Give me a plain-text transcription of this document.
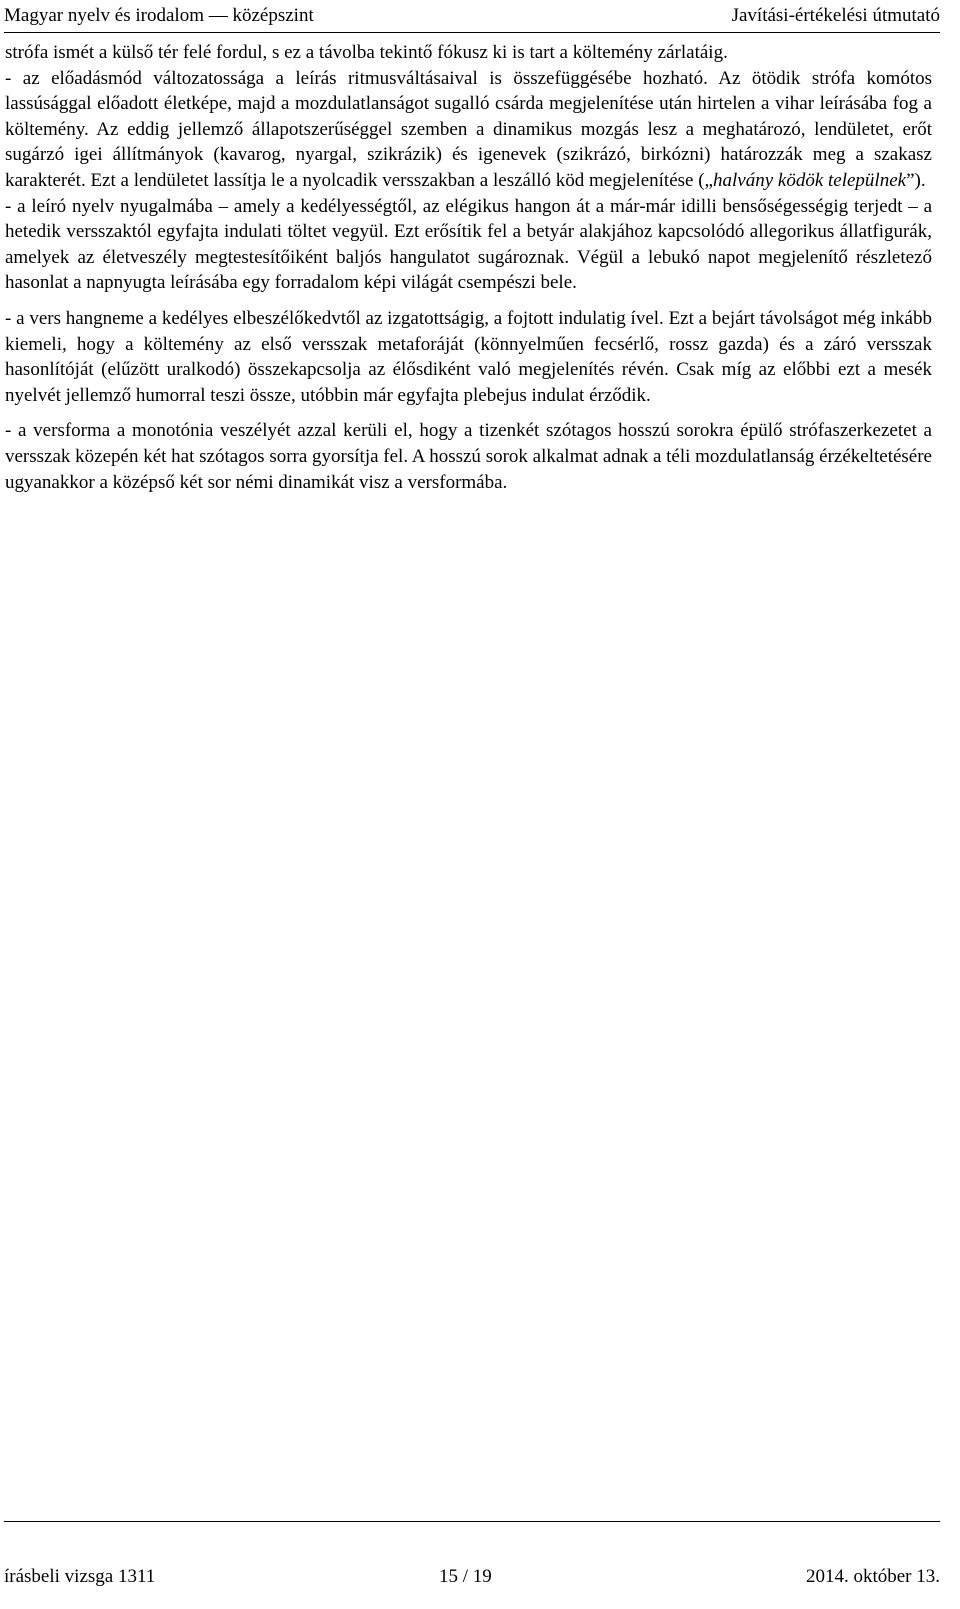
Magyar nyelv és irodalom — középszint	Javítási-értékelési útmutató

strófa ismét a külső tér felé fordul, s ez a távolba tekintő fókusz ki is tart a költemény zárlatáig.

- az előadásmód változatossága a leírás ritmusváltásaival is összefüggésébe hozható. Az ötödik strófa komótos lassúsággal előadott életképe, majd a mozdulatlanságot sugalló csárda megjelenítése után hirtelen a vihar leírásába fog a költemény. Az eddig jellemző állapotszerűséggel szemben a dinamikus mozgás lesz a meghatározó, lendületet, erőt sugárzó igei állítmányok (kavarog, nyargal, szikrázik) és igenevek (szikrázó, birkózni) határozzák meg a szakasz karakterét. Ezt a lendületet lassítja le a nyolcadik versszakban a leszálló köd megjelenítése („halvány ködök települnek”).

- a leíró nyelv nyugalmába – amely a kedélyességtől, az elégikus hangon át a már-már idilli bensőségességig terjedt – a hetedik versszaktól egyfajta indulati töltet vegyül. Ezt erősítik fel a betyár alakjához kapcsolódó allegorikus állatfigurák, amelyek az életveszély megtestesítőiként baljós hangulatot sugároznak. Végül a lebukó napot megjelenítő részletező hasonlat a napnyugta leírásába egy forradalom képi világát csempészi bele.

- a vers hangneme a kedélyes elbeszélőkedvtől az izgatottságig, a fojtott indulatig ível. Ezt a bejárt távolságot még inkább kiemeli, hogy a költemény az első versszak metaforáját (könnyelműen fecsérlő, rossz gazda) és a záró versszak hasonlítóját (elűzött uralkodó) összekapcsolja az élősdiként való megjelenítés révén. Csak míg az előbbi ezt a mesék nyelvét jellemző humorral teszi össze, utóbbin már egyfajta plebejus indulat érződik.

- a versforma a monotónia veszélyét azzal kerüli el, hogy a tizenkét szótagos hosszú sorokra épülő strófaszerkezetet a versszak közepén két hat szótagos sorra gyorsítja fel. A hosszú sorok alkalmat adnak a téli mozdulatlanság érzékeltetésére ugyanakkor a középső két sor némi dinamikát visz a versformába.

írásbeli vizsga 1311	15 / 19	2014. október 13.
